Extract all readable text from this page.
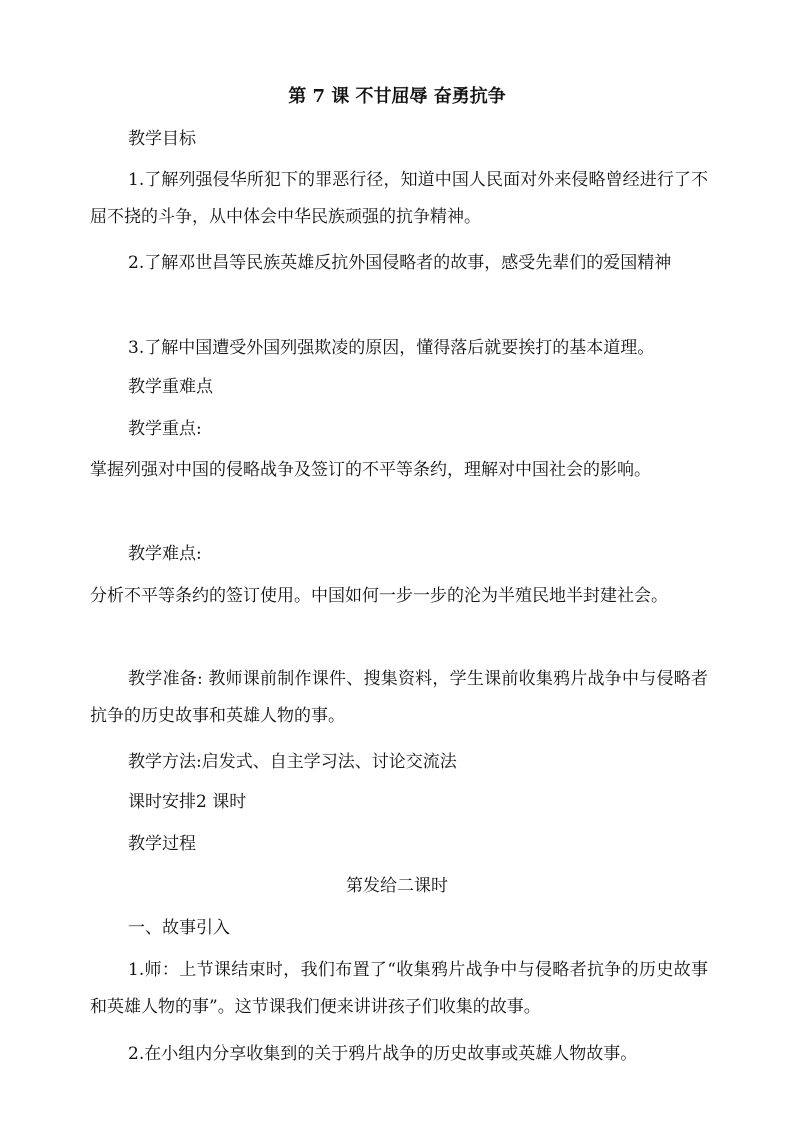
第 7 课 不甘屈辱 奋勇抗争

教学目标

1.了解列强侵华所犯下的罪恶行径，知道中国人民面对外来侵略曾经进行了不屈不挠的斗争，从中体会中华民族顽强的抗争精神。

2.了解邓世昌等民族英雄反抗外国侵略者的故事，感受先辈们的爱国精神

3.了解中国遭受外国列强欺凌的原因，懂得落后就要挨打的基本道理。

教学重难点

教学重点:

掌握列强对中国的侵略战争及签订的不平等条约，理解对中国社会的影响。

教学难点:

分析不平等条约的签订使用。中国如何一步一步的沦为半殖民地半封建社会。

教学准备: 教师课前制作课件、搜集资料，学生课前收集鸦片战争中与侵略者抗争的历史故事和英雄人物的事。

教学方法:启发式、自主学习法、讨论交流法

课时安排2 课时

教学过程

第发给二课时

一、故事引入

1.师：上节课结束时，我们布置了“收集鸦片战争中与侵略者抗争的历史故事和英雄人物的事”。这节课我们便来讲讲孩子们收集的故事。

2.在小组内分享收集到的关于鸦片战争的历史故事或英雄人物故事。
